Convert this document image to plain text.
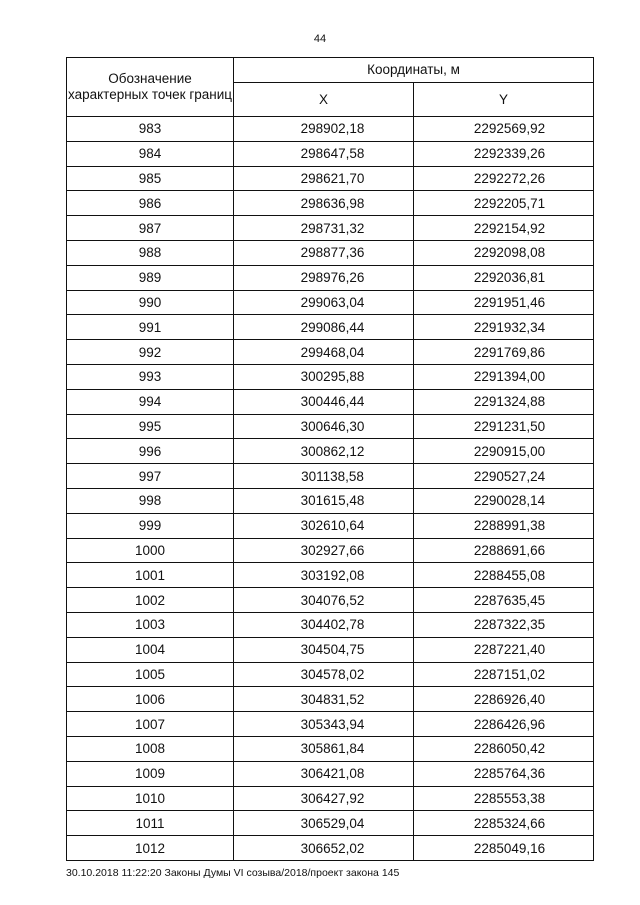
44
Обозначение характерных точек границ	Координаты, м	
	X	Y
983	298902,18	2292569,92
984	298647,58	2292339,26
985	298621,70	2292272,26
986	298636,98	2292205,71
987	298731,32	2292154,92
988	298877,36	2292098,08
989	298976,26	2292036,81
990	299063,04	2291951,46
991	299086,44	2291932,34
992	299468,04	2291769,86
993	300295,88	2291394,00
994	300446,44	2291324,88
995	300646,30	2291231,50
996	300862,12	2290915,00
997	301138,58	2290527,24
998	301615,48	2290028,14
999	302610,64	2288991,38
1000	302927,66	2288691,66
1001	303192,08	2288455,08
1002	304076,52	2287635,45
1003	304402,78	2287322,35
1004	304504,75	2287221,40
1005	304578,02	2287151,02
1006	304831,52	2286926,40
1007	305343,94	2286426,96
1008	305861,84	2286050,42
1009	306421,08	2285764,36
1010	306427,92	2285553,38
1011	306529,04	2285324,66
1012	306652,02	2285049,16
30.10.2018 11:22:20 Законы Думы VI созыва/2018/проект закона 145
